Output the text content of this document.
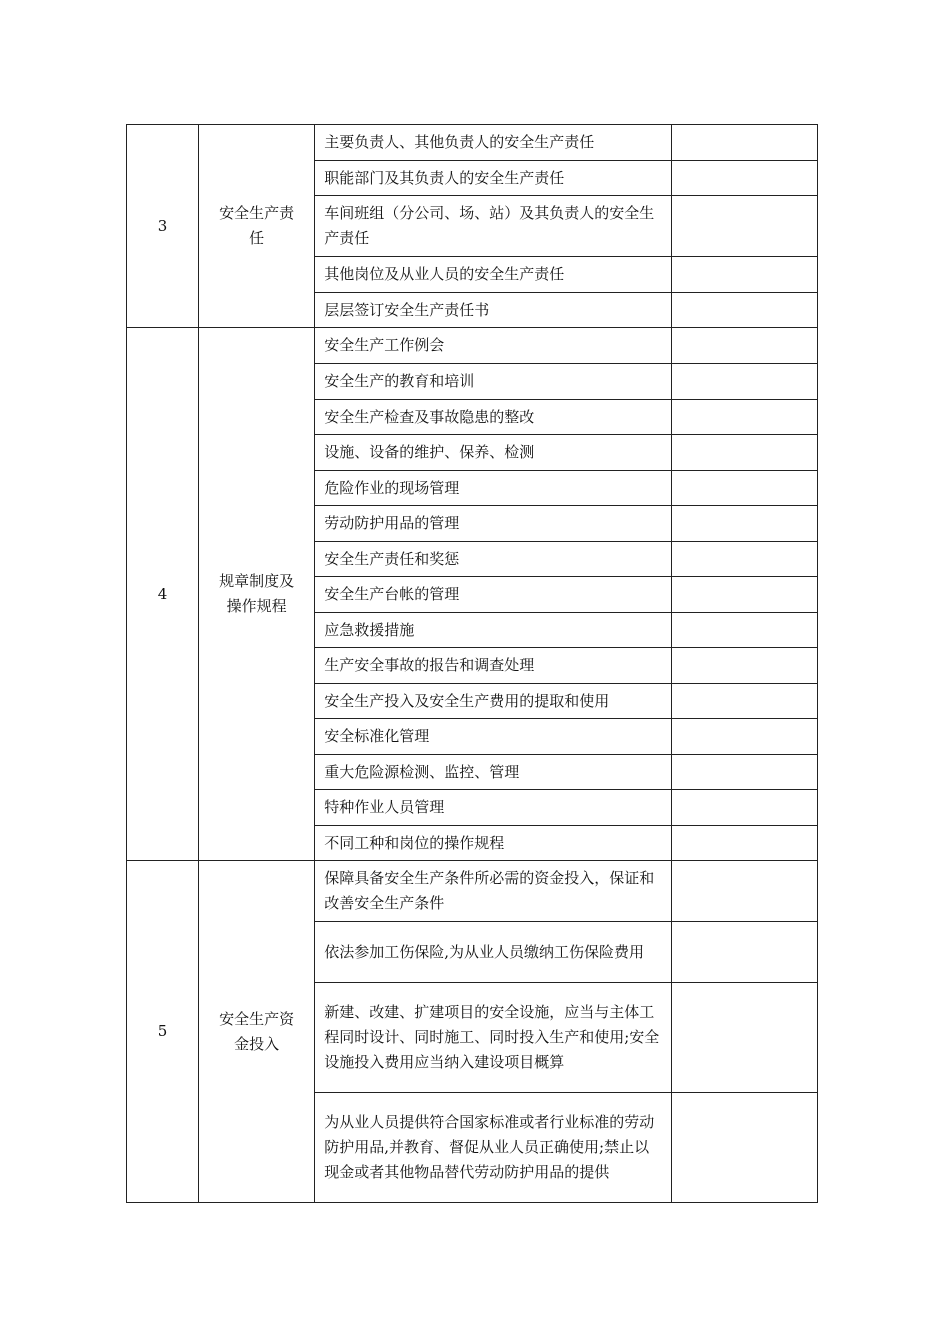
3	安全生产责任	主要负责人、其他负责人的安全生产责任	
		职能部门及其负责人的安全生产责任	
		车间班组（分公司、场、站）及其负责人的安全生产责任	
		其他岗位及从业人员的安全生产责任	
		层层签订安全生产责任书	
4	规章制度及操作规程	安全生产工作例会	
		安全生产的教育和培训	
		安全生产检查及事故隐患的整改	
		设施、设备的维护、保养、检测	
		危险作业的现场管理	
		劳动防护用品的管理	
		安全生产责任和奖惩	
		安全生产台帐的管理	
		应急救援措施	
		生产安全事故的报告和调查处理	
		安全生产投入及安全生产费用的提取和使用	
		安全标准化管理	
		重大危险源检测、监控、管理	
		特种作业人员管理	
		不同工种和岗位的操作规程	
5	安全生产资金投入	保障具备安全生产条件所必需的资金投入，保证和改善安全生产条件	
		依法参加工伤保险,为从业人员缴纳工伤保险费用	
		新建、改建、扩建项目的安全设施，应当与主体工程同时设计、同时施工、同时投入生产和使用;安全设施投入费用应当纳入建设项目概算	
		为从业人员提供符合国家标准或者行业标准的劳动防护用品,并教育、督促从业人员正确使用;禁止以现金或者其他物品替代劳动防护用品的提供	
